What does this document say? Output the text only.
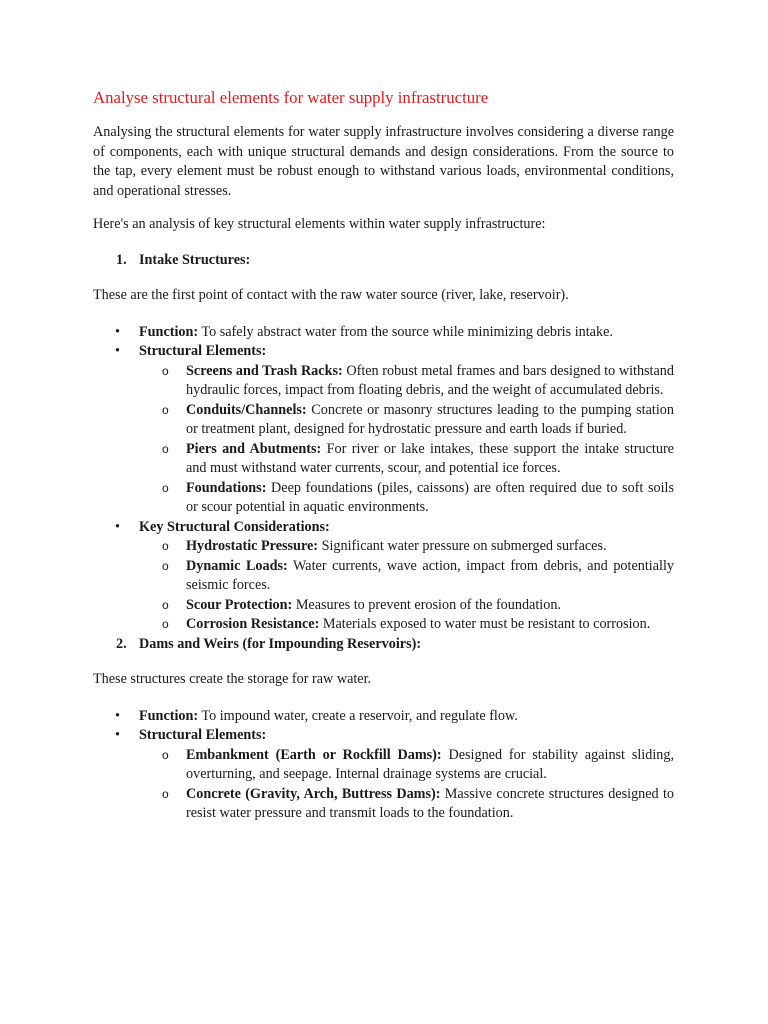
Analyse structural elements for water supply infrastructure

Analysing the structural elements for water supply infrastructure involves considering a diverse range of components, each with unique structural demands and design considerations. From the source to the tap, every element must be robust enough to withstand various loads, environmental conditions, and operational stresses.

Here's an analysis of key structural elements within water supply infrastructure:

1. Intake Structures:

These are the first point of contact with the raw water source (river, lake, reservoir).

• Function: To safely abstract water from the source while minimizing debris intake.
• Structural Elements:
o Screens and Trash Racks: Often robust metal frames and bars designed to withstand hydraulic forces, impact from floating debris, and the weight of accumulated debris.
o Conduits/Channels: Concrete or masonry structures leading to the pumping station or treatment plant, designed for hydrostatic pressure and earth loads if buried.
o Piers and Abutments: For river or lake intakes, these support the intake structure and must withstand water currents, scour, and potential ice forces.
o Foundations: Deep foundations (piles, caissons) are often required due to soft soils or scour potential in aquatic environments.
• Key Structural Considerations:
o Hydrostatic Pressure: Significant water pressure on submerged surfaces.
o Dynamic Loads: Water currents, wave action, impact from debris, and potentially seismic forces.
o Scour Protection: Measures to prevent erosion of the foundation.
o Corrosion Resistance: Materials exposed to water must be resistant to corrosion.
2. Dams and Weirs (for Impounding Reservoirs):

These structures create the storage for raw water.

• Function: To impound water, create a reservoir, and regulate flow.
• Structural Elements:
o Embankment (Earth or Rockfill Dams): Designed for stability against sliding, overturning, and seepage. Internal drainage systems are crucial.
o Concrete (Gravity, Arch, Buttress Dams): Massive concrete structures designed to resist water pressure and transmit loads to the foundation.
